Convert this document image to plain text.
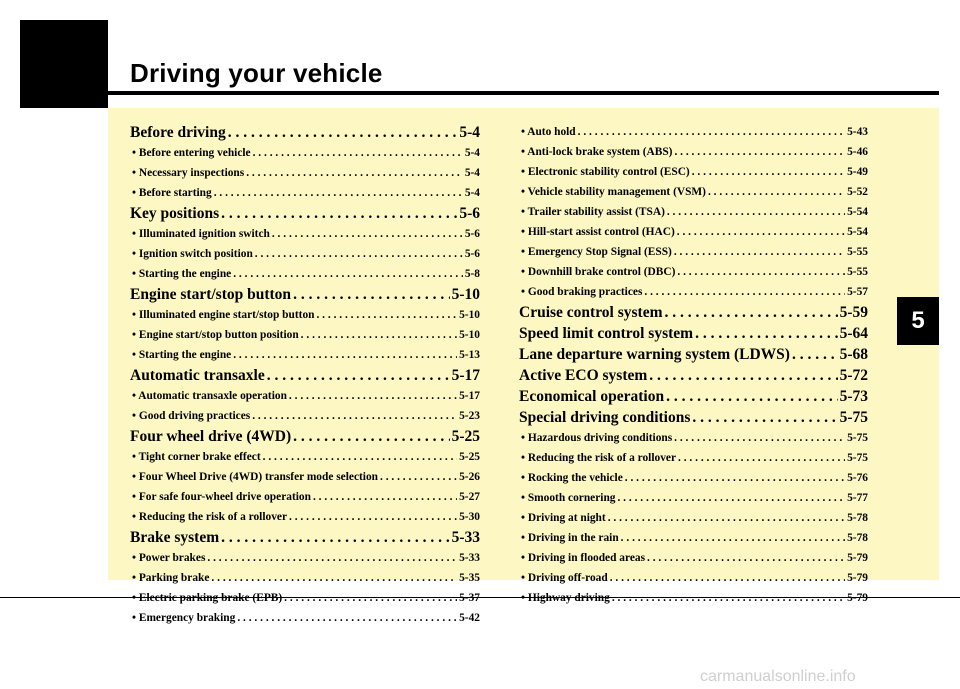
Driving your vehicle
5
carmanualsonline.info
Before driving . . .	5-4
• Before entering vehicle . . .	5-4
• Necessary inspections . . .	5-4
• Before starting . . .	5-4
Key positions . . .	5-6
• Illuminated ignition switch . . .	5-6
• Ignition switch position . . .	5-6
• Starting the engine . . .	5-8
Engine start/stop button . . .	5-10
• Illuminated engine start/stop button . . .	5-10
• Engine start/stop button position . . .	5-10
• Starting the engine . . .	5-13
Automatic transaxle . . .	5-17
• Automatic transaxle operation . . .	5-17
• Good driving practices . . .	5-23
Four wheel drive (4WD) . . .	5-25
• Tight corner brake effect . . .	5-25
• Four Wheel Drive (4WD) transfer mode selection . . .	5-26
• For safe four-wheel drive operation . . .	5-27
• Reducing the risk of a rollover . . .	5-30
Brake system . . .	5-33
• Power brakes . . .	5-33
• Parking brake . . .	5-35
• Electric parking brake (EPB) . . .	5-37
• Emergency braking . . .	5-42
• Auto hold . . .	5-43
• Anti-lock brake system (ABS) . . .	5-46
• Electronic stability control (ESC) . . .	5-49
• Vehicle stability management (VSM) . . .	5-52
• Trailer stability assist (TSA) . . .	5-54
• Hill-start assist control (HAC) . . .	5-54
• Emergency Stop Signal (ESS) . . .	5-55
• Downhill brake control (DBC) . . .	5-55
• Good braking practices . . .	5-57
Cruise control system . . .	5-59
Speed limit control system . . .	5-64
Lane departure warning system (LDWS) . . .	5-68
Active ECO system . . .	5-72
Economical operation . . .	5-73
Special driving conditions . . .	5-75
• Hazardous driving conditions . . .	5-75
• Reducing the risk of a rollover . . .	5-75
• Rocking the vehicle . . .	5-76
• Smooth cornering . . .	5-77
• Driving at night . . .	5-78
• Driving in the rain . . .	5-78
• Driving in flooded areas . . .	5-79
• Driving off-road . . .	5-79
• Highway driving . . .	5-79
